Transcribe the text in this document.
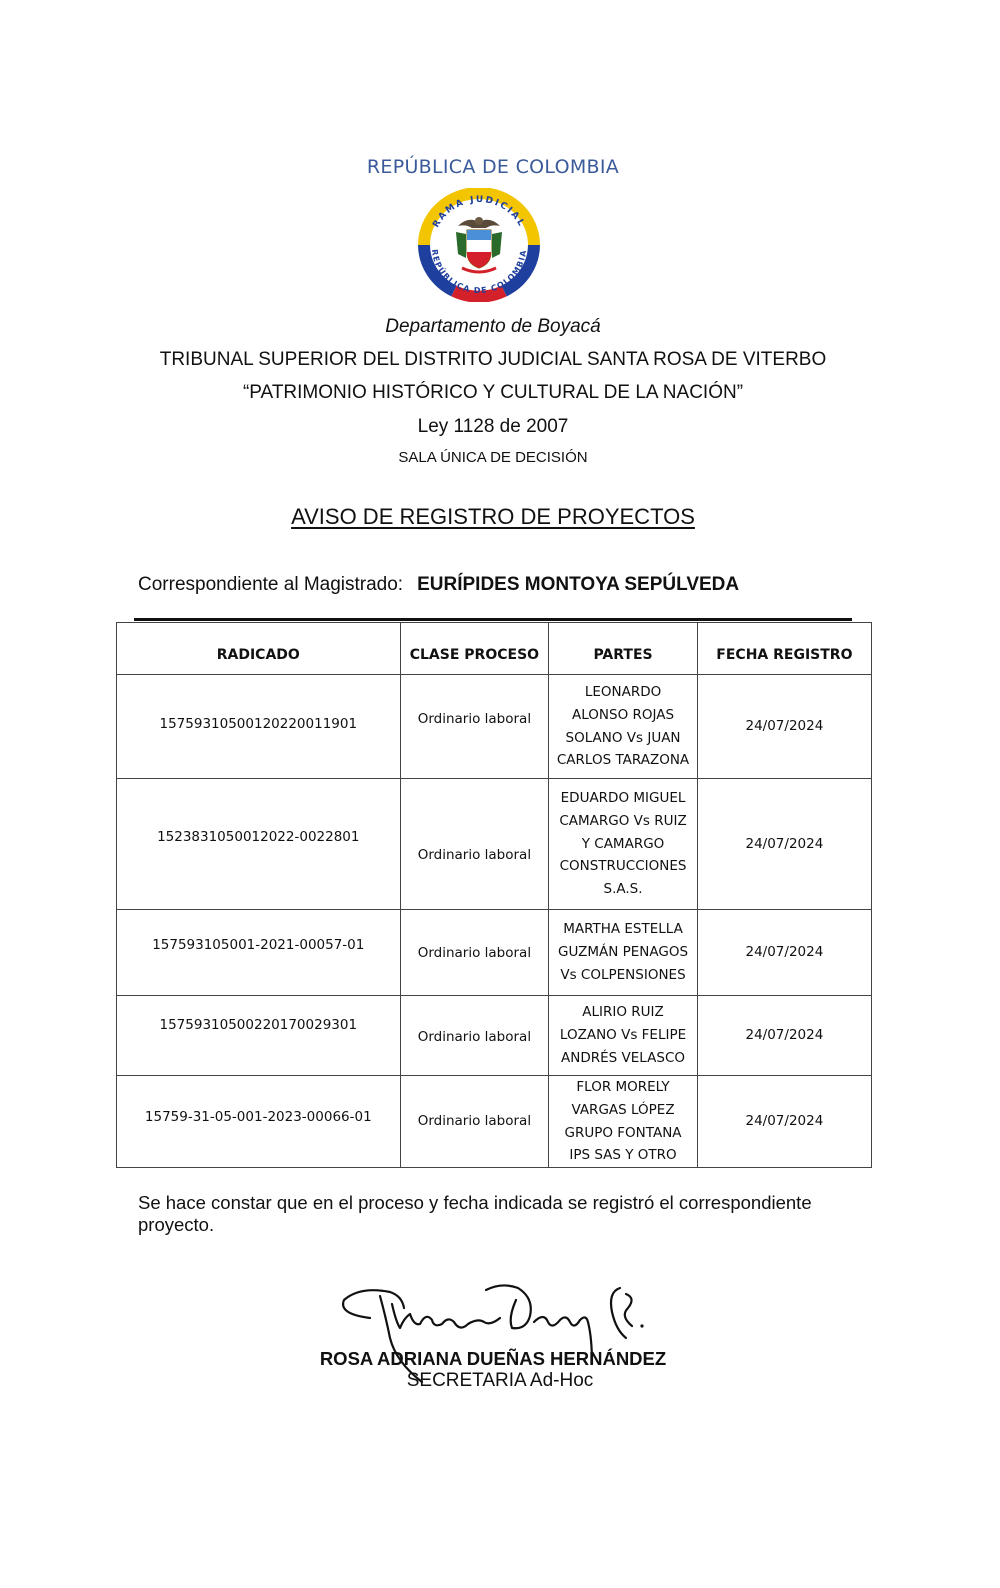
REPÚBLICA DE COLOMBIA
RAMA JUDICIAL
REPÚBLICA DE COLOMBIA
Departamento de Boyacá
TRIBUNAL SUPERIOR DEL DISTRITO JUDICIAL SANTA ROSA DE VITERBO
“PATRIMONIO HISTÓRICO Y CULTURAL DE LA NACIÓN”
Ley 1128 de 2007
SALA ÚNICA DE DECISIÓN
AVISO DE REGISTRO DE PROYECTOS
Correspondiente al Magistrado: EURÍPIDES MONTOYA SEPÚLVEDA
RADICADO	CLASE PROCESO	PARTES	FECHA REGISTRO
15759310500120220011901	Ordinario laboral	LEONARDO ALONSO ROJAS SOLANO Vs JUAN CARLOS TARAZONA	24/07/2024
1523831050012022-0022801	Ordinario laboral	EDUARDO MIGUEL CAMARGO Vs RUIZ Y CAMARGO CONSTRUCCIONES S.A.S.	24/07/2024
157593105001-2021-00057-01	Ordinario laboral	MARTHA ESTELLA GUZMÁN PENAGOS Vs COLPENSIONES	24/07/2024
15759310500220170029301	Ordinario laboral	ALIRIO RUIZ LOZANO Vs FELIPE ANDRÉS VELASCO	24/07/2024
15759-31-05-001-2023-00066-01	Ordinario laboral	FLOR MORELY VARGAS LÓPEZ GRUPO FONTANA IPS SAS Y OTRO	24/07/2024
Se hace constar que en el proceso y fecha indicada se registró el correspondiente proyecto.
ROSA ADRIANA DUEÑAS HERNÁNDEZ
SECRETARIA Ad-Hoc
